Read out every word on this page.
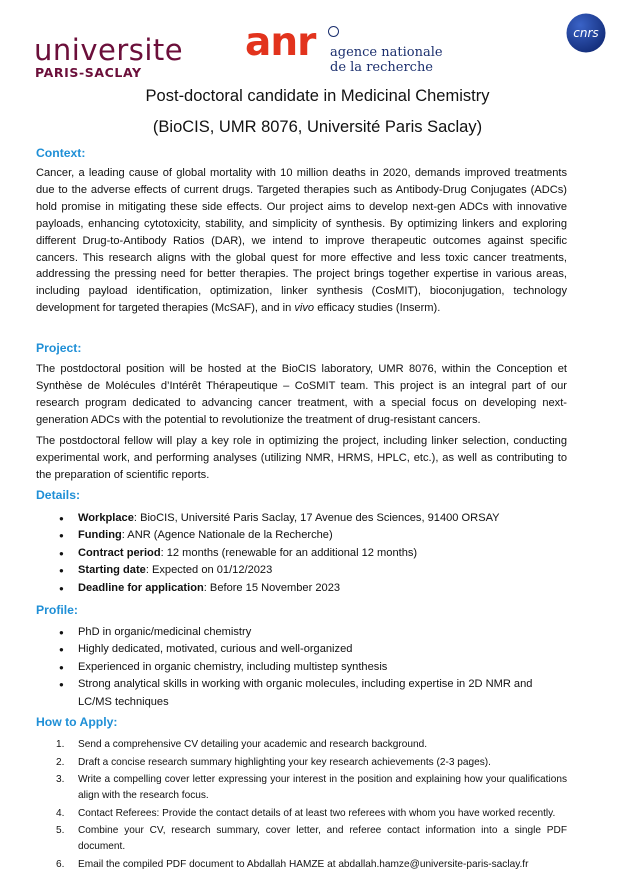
universite
PARIS-SACLAY
anr agence nationale
de la recherche
cnrs
Post-doctoral candidate in Medicinal Chemistry
(BioCIS, UMR 8076, Université Paris Saclay)
Context:

Cancer, a leading cause of global mortality with 10 million deaths in 2020, demands improved treatments due to the adverse effects of current drugs. Targeted therapies such as Antibody-Drug Conjugates (ADCs) hold promise in mitigating these side effects. Our project aims to develop next-gen ADCs with innovative payloads, enhancing cytotoxicity, stability, and simplicity of synthesis. By optimizing linkers and exploring different Drug-to-Antibody Ratios (DAR), we intend to improve therapeutic outcomes against specific cancers. This research aligns with the global quest for more effective and less toxic cancer treatments, addressing the pressing need for better therapies. The project brings together expertise in various areas, including payload identification, optimization, linker synthesis (CosMIT), bioconjugation, technology development for targeted therapies (McSAF), and in vivo efficacy studies (Inserm).

Project:

The postdoctoral position will be hosted at the BioCIS laboratory, UMR 8076, within the Conception et Synthèse de Molécules d’Intérêt Thérapeutique – CoSMIT team. This project is an integral part of our research program dedicated to advancing cancer treatment, with a special focus on developing next-generation ADCs with the potential to revolutionize the treatment of drug-resistant cancers.

The postdoctoral fellow will play a key role in optimizing the project, including linker selection, conducting experimental work, and performing analyses (utilizing NMR, HRMS, HPLC, etc.), as well as contributing to the preparation of scientific reports.

Details:
● Workplace: BioCIS, Université Paris Saclay, 17 Avenue des Sciences, 91400 ORSAY
● Funding: ANR (Agence Nationale de la Recherche)
● Contract period: 12 months (renewable for an additional 12 months)
● Starting date: Expected on 01/12/2023
● Deadline for application: Before 15 November 2023
Profile:
● PhD in organic/medicinal chemistry
● Highly dedicated, motivated, curious and well-organized
● Experienced in organic chemistry, including multistep synthesis
● Strong analytical skills in working with organic molecules, including expertise in 2D NMR and LC/MS techniques
How to Apply:
1. Send a comprehensive CV detailing your academic and research background.
2. Draft a concise research summary highlighting your key research achievements (2-3 pages).
3. Write a compelling cover letter expressing your interest in the position and explaining how your qualifications align with the research focus.
4. Contact Referees: Provide the contact details of at least two referees with whom you have worked recently.
5. Combine your CV, research summary, cover letter, and referee contact information into a single PDF document.
6. Email the compiled PDF document to Abdallah HAMZE at abdallah.hamze@universite-paris-saclay.fr
